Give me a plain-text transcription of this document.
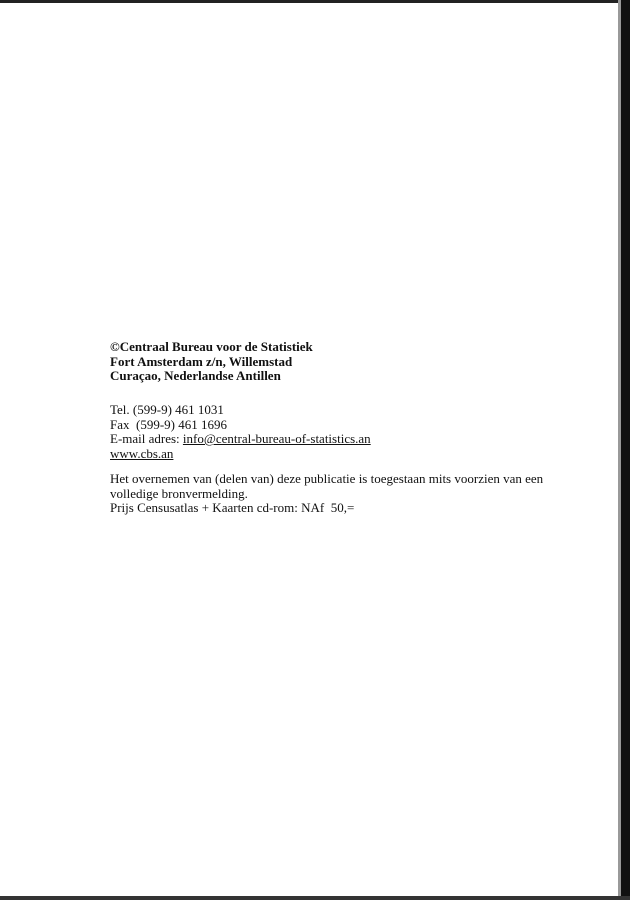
©Centraal Bureau voor de Statistiek
Fort Amsterdam z/n, Willemstad
Curaçao, Nederlandse Antillen
Tel. (599-9) 461 1031
Fax  (599-9) 461 1696
E-mail adres: info@central-bureau-of-statistics.an
www.cbs.an
Het overnemen van (delen van) deze publicatie is toegestaan mits voorzien van een
volledige bronvermelding.
Prijs Censusatlas + Kaarten cd-rom: NAf  50,=
